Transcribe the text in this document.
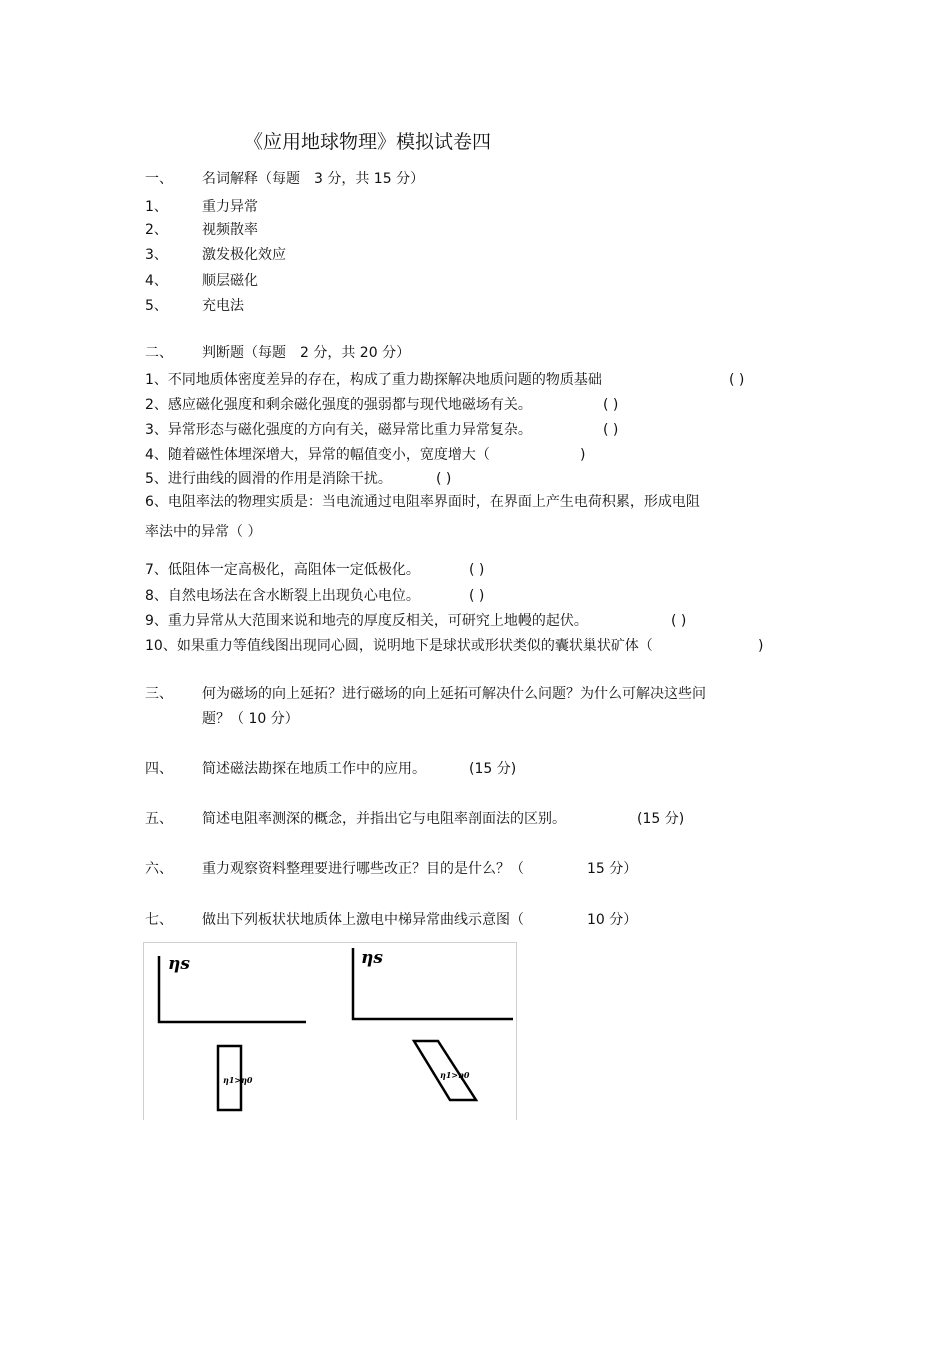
《应用地球物理》模拟试卷四
一、 名词解释（每题　3 分，共 15 分）
1、 重力异常
2、 视频散率
3、 激发极化效应
4、 顺层磁化
5、 充电法
二、 判断题（每题　2 分，共 20 分）
1、不同地质体密度差异的存在，构成了重力勘探解决地质问题的物质基础	( )
2、感应磁化强度和剩余磁化强度的强弱都与现代地磁场有关。	( )
3、异常形态与磁化强度的方向有关，磁异常比重力异常复杂。	( )
4、随着磁性体埋深增大，异常的幅值变小，宽度增大（	)
5、进行曲线的圆滑的作用是消除干扰。	( )
6、电阻率法的物理实质是：当电流通过电阻率界面时，在界面上产生电荷积累，形成电阻
率法中的异常（ ）
7、低阻体一定高极化，高阻体一定低极化。	( )
8、自然电场法在含水断裂上出现负心电位。	( )
9、重力异常从大范围来说和地壳的厚度反相关，可研究上地幔的起伏。	( )
10、如果重力等值线图出现同心圆，说明地下是球状或形状类似的囊状巢状矿体（	)
三、 何为磁场的向上延拓？进行磁场的向上延拓可解决什么问题？为什么可解决这些问
题？（ 10 分）
四、 简述磁法勘探在地质工作中的应用。	(15 分)
五、 简述电阻率测深的概念，并指出它与电阻率剖面法的区别。	(15 分)
六、 重力观察资料整理要进行哪些改正？目的是什么？（	15 分）
七、 做出下列板状状地质体上激电中梯异常曲线示意图（	10 分）
ηs	ηs
η1>η0	η1>η0
